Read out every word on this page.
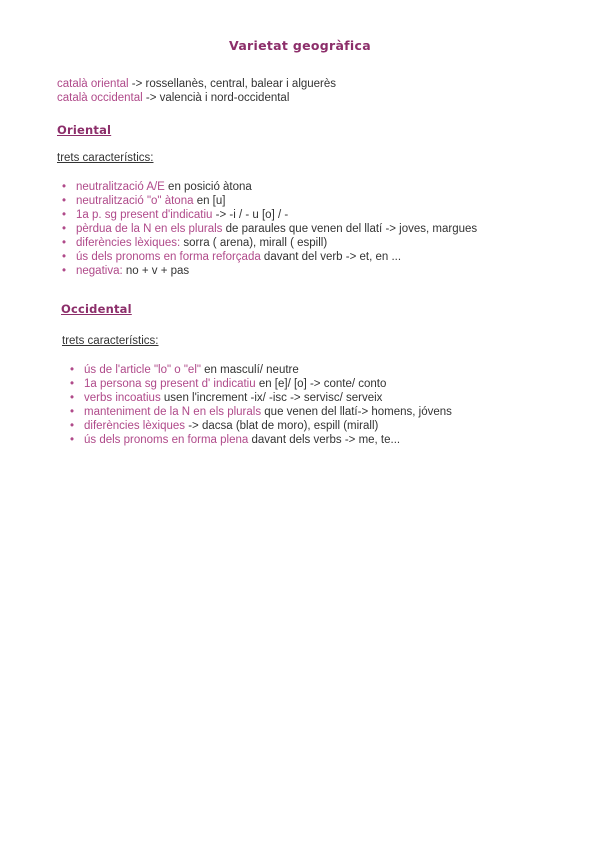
Varietat geogràfica
català oriental -> rossellanès, central, balear i alguerès
català occidental -> valencià i nord-occidental
Oriental
trets característics:
• neutralització A/E en posició àtona
• neutralització "o" àtona en [u]
• 1a p. sg present d'indicatiu -> -i / - u [o] / -
• pèrdua de la N en els plurals de paraules que venen del llatí -> joves, margues
• diferències lèxiques: sorra ( arena), mirall ( espill)
• ús dels pronoms en forma reforçada davant del verb -> et, en ...
• negativa: no + v + pas
Occidental
trets característics:
• ús de l'article "lo" o "el" en masculí/ neutre
• 1a persona sg present d' indicatiu en [e]/ [o] -> conte/ conto
• verbs incoatius usen l'increment -ix/ -isc -> servisc/ serveix
• manteniment de la N en els plurals que venen del llatí-> homens, jóvens
• diferències lèxiques -> dacsa (blat de moro), espill (mirall)
• ús dels pronoms en forma plena davant dels verbs -> me, te...
